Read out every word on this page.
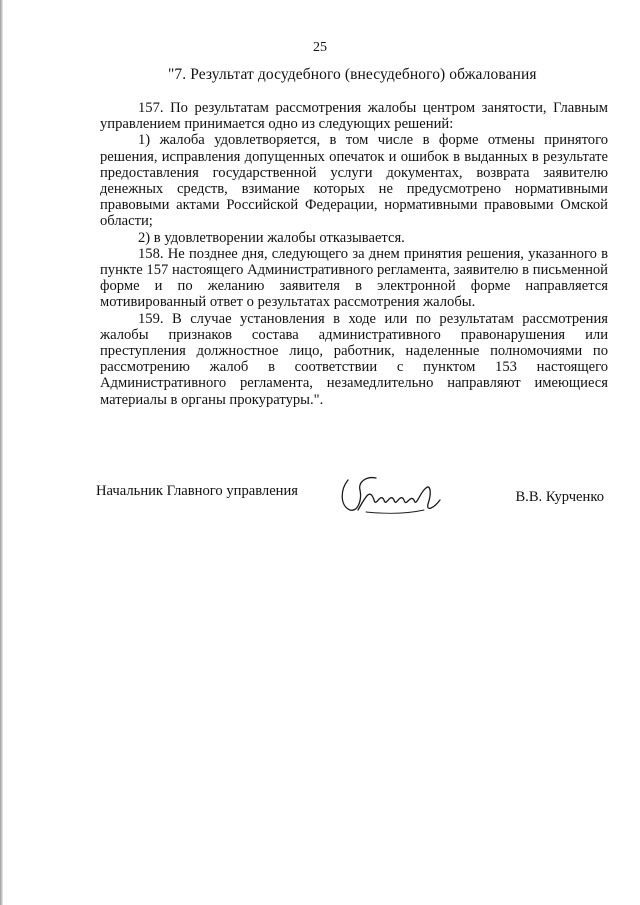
25
"7. Результат досудебного (внесудебного) обжалования

157. По результатам рассмотрения жалобы центром занятости, Главным управлением принимается одно из следующих решений:

1) жалоба удовлетворяется, в том числе в форме отмены принятого решения, исправления допущенных опечаток и ошибок в выданных в результате предоставления государственной услуги документах, возврата заявителю денежных средств, взимание которых не предусмотрено нормативными правовыми актами Российской Федерации, нормативными правовыми Омской области;

2) в удовлетворении жалобы отказывается.

158. Не позднее дня, следующего за днем принятия решения, указанного в пункте 157 настоящего Административного регламента, заявителю в письменной форме и по желанию заявителя в электронной форме направляется мотивированный ответ о результатах рассмотрения жалобы.

159. В случае установления в ходе или по результатам рассмотрения жалобы признаков состава административного правонарушения или преступления должностное лицо, работник, наделенные полномочиями по рассмотрению жалоб в соответствии с пунктом 153 настоящего Административного регламента, незамедлительно направляют имеющиеся материалы в органы прокуратуры.".

Начальник Главного управления	В.В. Курченко
